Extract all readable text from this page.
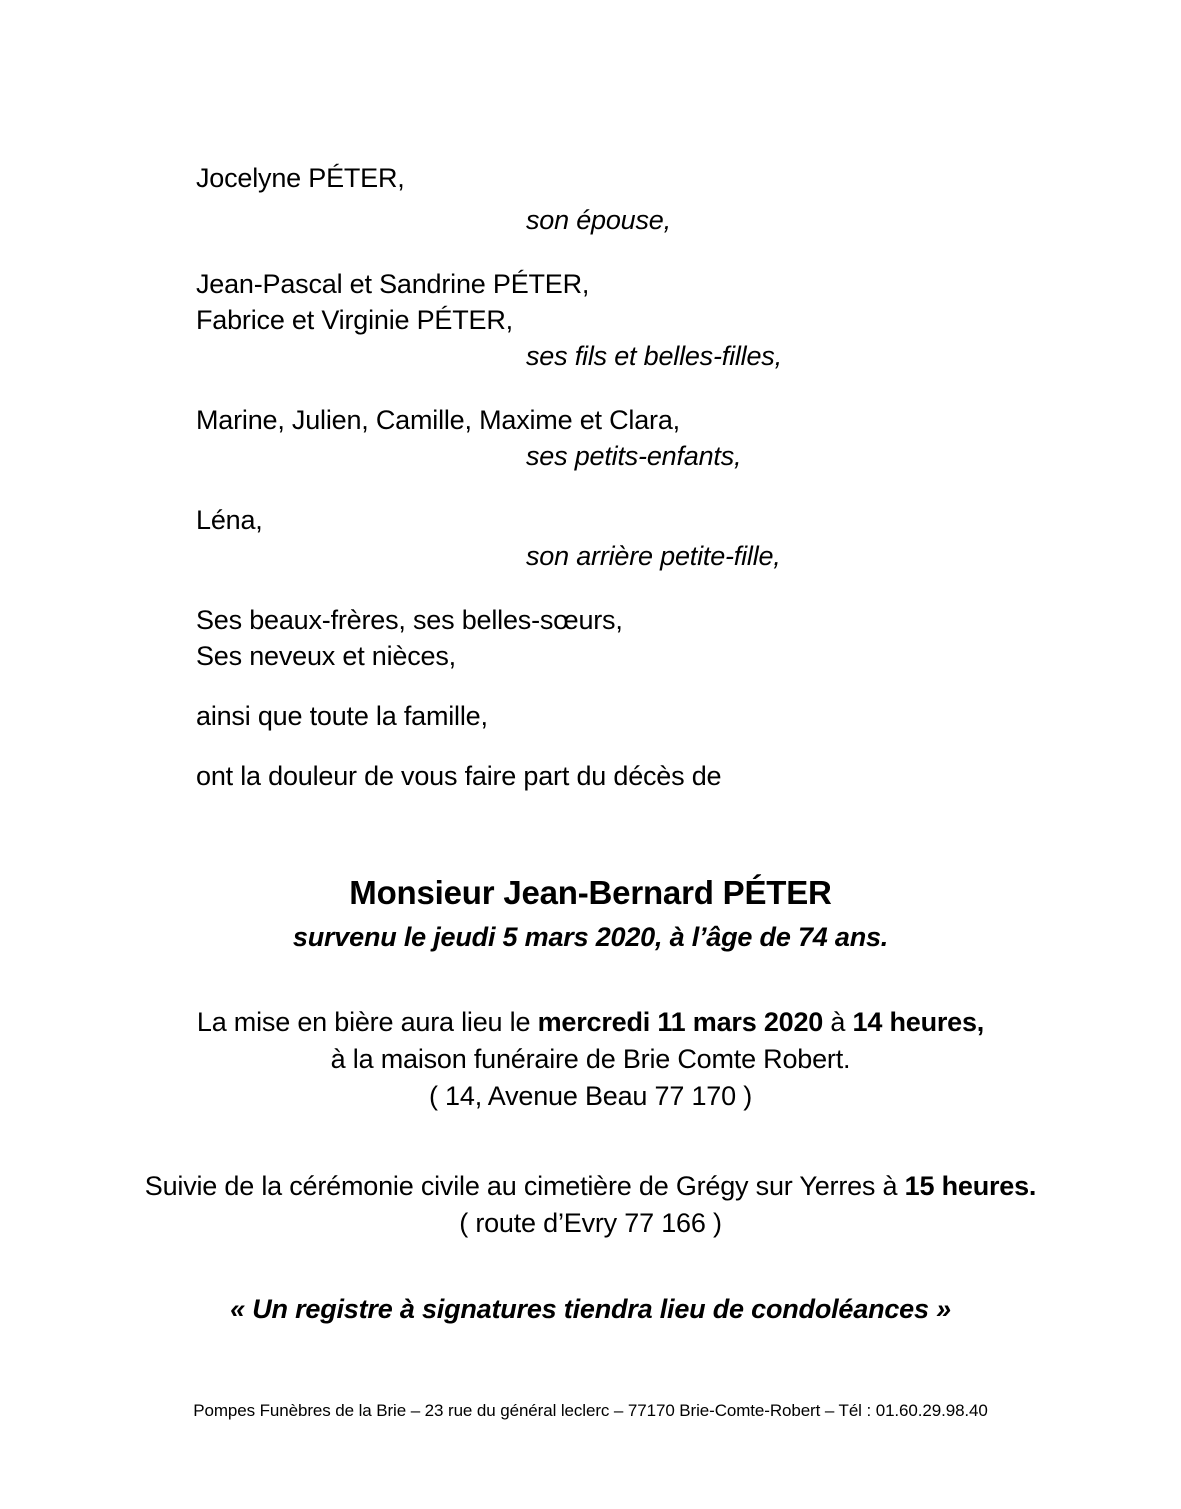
Jocelyne PÉTER,

son épouse,

Jean-Pascal et Sandrine PÉTER,

Fabrice et Virginie PÉTER,

ses fils et belles-filles,

Marine, Julien, Camille, Maxime et Clara,

ses petits-enfants,

Léna,

son arrière petite-fille,

Ses beaux-frères, ses belles-sœurs,

Ses neveux et nièces,

ainsi que toute la famille,

ont la douleur de vous faire part du décès de

Monsieur Jean-Bernard PÉTER

survenu le jeudi 5 mars 2020, à l’âge de 74 ans.

La mise en bière aura lieu le mercredi 11 mars 2020 à 14 heures,

à la maison funéraire de Brie Comte Robert.

( 14, Avenue Beau 77 170 )

Suivie de la cérémonie civile au cimetière de Grégy sur Yerres à 15 heures.

( route d’Evry 77 166 )

« Un registre à signatures tiendra lieu de condoléances »

Pompes Funèbres de la Brie – 23 rue du général leclerc – 77170 Brie-Comte-Robert – Tél : 01.60.29.98.40
